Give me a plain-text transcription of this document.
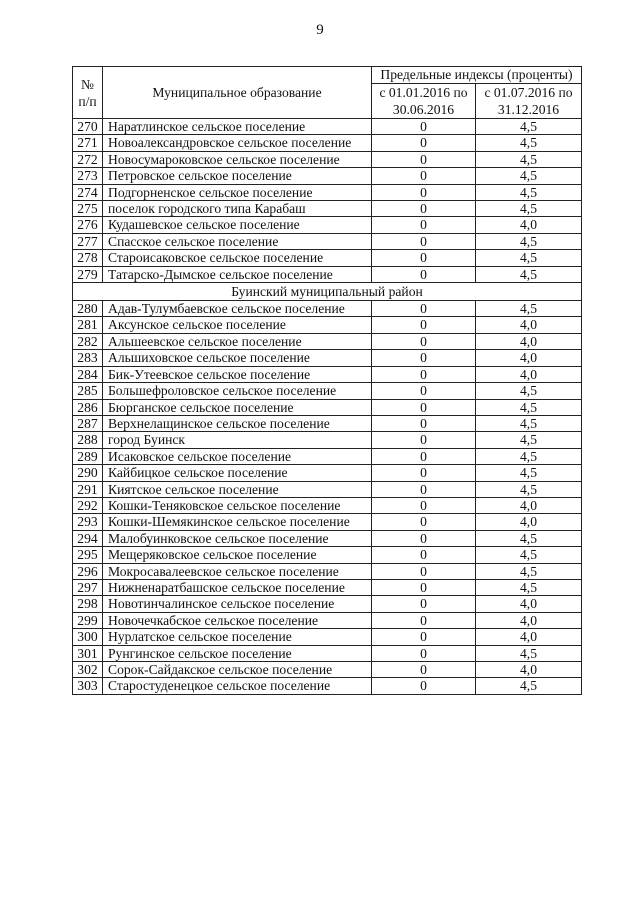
9
№ п/п	Муниципальное образование	Предельные индексы (проценты)	
		с 01.01.2016 по 30.06.2016	с 01.07.2016 по 31.12.2016
270	Наратлинское сельское поселение	0	4,5
271	Новоалександровское сельское поселение	0	4,5
272	Новосумароковское сельское поселение	0	4,5
273	Петровское сельское поселение	0	4,5
274	Подгорненское сельское поселение	0	4,5
275	поселок городского типа Карабаш	0	4,5
276	Кудашевское сельское поселение	0	4,0
277	Спасское сельское поселение	0	4,5
278	Староисаковское сельское поселение	0	4,5
279	Татарско-Дымское сельское поселение	0	4,5
Буинский муниципальный район			
280	Адав-Тулумбаевское сельское поселение	0	4,5
281	Аксунское сельское поселение	0	4,0
282	Альшеевское сельское поселение	0	4,0
283	Альшиховское сельское поселение	0	4,0
284	Бик-Утеевское сельское поселение	0	4,0
285	Большефроловское сельское поселение	0	4,5
286	Бюрганское сельское поселение	0	4,5
287	Верхнелащинское сельское поселение	0	4,5
288	город Буинск	0	4,5
289	Исаковское сельское поселение	0	4,5
290	Кайбицкое сельское поселение	0	4,5
291	Киятское сельское поселение	0	4,5
292	Кошки-Теняковское сельское поселение	0	4,0
293	Кошки-Шемякинское сельское поселение	0	4,0
294	Малобуинковское сельское поселение	0	4,5
295	Мещеряковское сельское поселение	0	4,5
296	Мокросавалеевское сельское поселение	0	4,5
297	Нижненаратбашское сельское поселение	0	4,5
298	Новотинчалинское сельское поселение	0	4,0
299	Новочечкабское сельское поселение	0	4,0
300	Нурлатское сельское поселение	0	4,0
301	Рунгинское сельское поселение	0	4,5
302	Сорок-Сайдакское сельское поселение	0	4,0
303	Старостуденецкое сельское поселение	0	4,5
